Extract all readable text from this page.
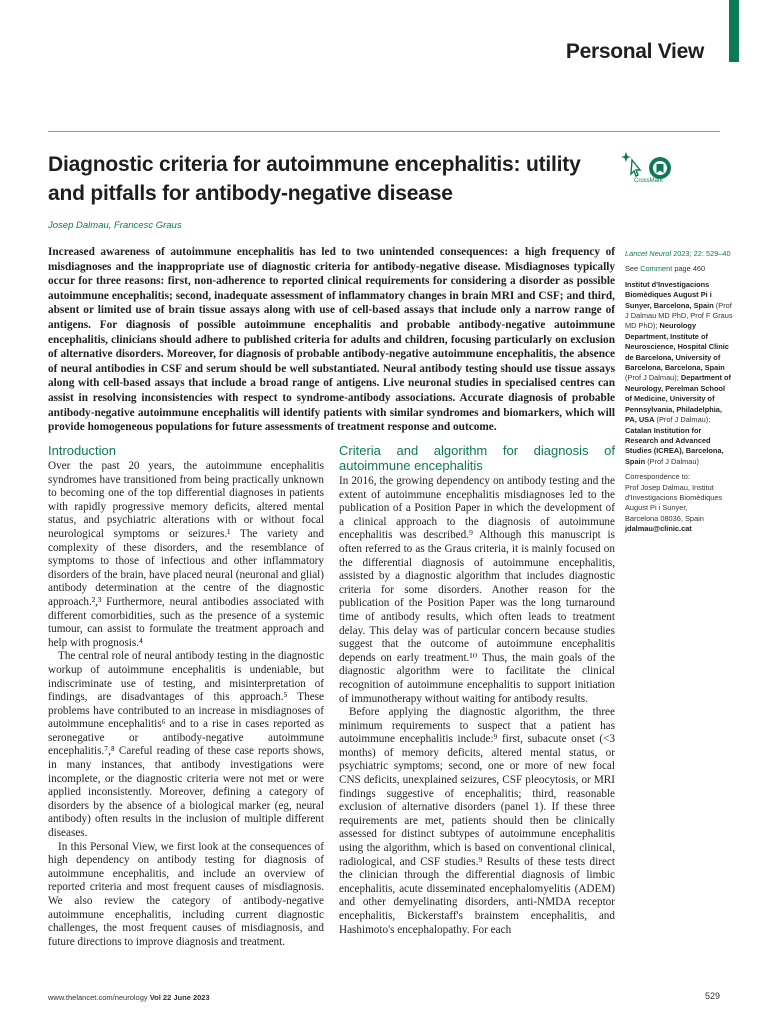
Personal View
Diagnostic criteria for autoimmune encephalitis: utility and pitfalls for antibody-negative disease
CrossMark
Josep Dalmau, Francesc Graus

Increased awareness of autoimmune encephalitis has led to two unintended consequences: a high frequency of misdiagnoses and the inappropriate use of diagnostic criteria for antibody-negative disease. Misdiagnoses typically occur for three reasons: first, non-adherence to reported clinical requirements for considering a disorder as possible autoimmune encephalitis; second, inadequate assessment of inflammatory changes in brain MRI and CSF; and third, absent or limited use of brain tissue assays along with use of cell-based assays that include only a narrow range of antigens. For diagnosis of possible autoimmune encephalitis and probable antibody-negative autoimmune encephalitis, clinicians should adhere to published criteria for adults and children, focusing particularly on exclusion of alternative disorders. Moreover, for diagnosis of probable antibody-negative autoimmune encephalitis, the absence of neural antibodies in CSF and serum should be well substantiated. Neural antibody testing should use tissue assays along with cell-based assays that include a broad range of antigens. Live neuronal studies in specialised centres can assist in resolving inconsistencies with respect to syndrome-antibody associations. Accurate diagnosis of probable antibody-negative autoimmune encephalitis will identify patients with similar syndromes and biomarkers, which will provide homogeneous populations for future assessments of treatment response and outcome.

Lancet Neurol 2023; 22: 529–40
See Comment page 460
Institut d'Investigacions Biomèdiques August Pi i Sunyer, Barcelona, Spain (Prof J Dalmau MD PhD, Prof F Graus MD PhD); Neurology Department, Institute of Neuroscience, Hospital Clinic de Barcelona, University of Barcelona, Barcelona, Spain (Prof J Dalmau); Department of Neurology, Perelman School of Medicine, University of Pennsylvania, Philadelphia, PA, USA (Prof J Dalmau); Catalan Institution for Research and Advanced Studies (ICREA), Barcelona, Spain (Prof J Dalmau)
Correspondence to:
Prof Josep Dalmau, Institut d'Investigacions Biomèdiques August Pi i Sunyer,
Barcelona 08036, Spain
jdalmau@clinic.cat
Introduction

Over the past 20 years, the autoimmune encephalitis syndromes have transitioned from being practically unknown to becoming one of the top differential diagnoses in patients with rapidly progressive memory deficits, altered mental status, and psychiatric alterations with or without focal neurological symptoms or seizures.¹ The variety and complexity of these disorders, and the resemblance of symptoms to those of infectious and other inflammatory disorders of the brain, have placed neural (neuronal and glial) antibody determination at the centre of the diagnostic approach.²,³ Furthermore, neural antibodies associated with different comorbidities, such as the presence of a systemic tumour, can assist to formulate the treatment approach and help with prognosis.⁴

The central role of neural antibody testing in the diagnostic workup of autoimmune encephalitis is undeniable, but indiscriminate use of testing, and misinterpretation of findings, are disadvantages of this approach.⁵ These problems have contributed to an increase in misdiagnoses of autoimmune encephalitis⁶ and to a rise in cases reported as seronegative or antibody-negative autoimmune encephalitis.⁷,⁸ Careful reading of these case reports shows, in many instances, that antibody investigations were incomplete, or the diagnostic criteria were not met or were applied inconsistently. Moreover, defining a category of disorders by the absence of a biological marker (eg, neural antibody) often results in the inclusion of multiple different diseases.

In this Personal View, we first look at the consequences of high dependency on antibody testing for diagnosis of autoimmune encephalitis, and include an overview of reported criteria and most frequent causes of misdiagnosis. We also review the category of antibody-negative autoimmune encephalitis, including current diagnostic challenges, the most frequent causes of misdiagnosis, and future directions to improve diagnosis and treatment.

Criteria and algorithm for diagnosis of autoimmune encephalitis

In 2016, the growing dependency on antibody testing and the extent of autoimmune encephalitis misdiagnoses led to the publication of a Position Paper in which the development of a clinical approach to the diagnosis of autoimmune encephalitis was described.⁹ Although this manuscript is often referred to as the Graus criteria, it is mainly focused on the differential diagnosis of autoimmune encephalitis, assisted by a diagnostic algorithm that includes diagnostic criteria for some disorders. Another reason for the publication of the Position Paper was the long turnaround time of antibody results, which often leads to treatment delay. This delay was of particular concern because studies suggest that the outcome of autoimmune encephalitis depends on early treatment.¹⁰ Thus, the main goals of the diagnostic algorithm were to facilitate the clinical recognition of autoimmune encephalitis to support initiation of immunotherapy without waiting for antibody results.

Before applying the diagnostic algorithm, the three minimum requirements to suspect that a patient has autoimmune encephalitis include:⁹ first, subacute onset (<3 months) of memory deficits, altered mental status, or psychiatric symptoms; second, one or more of new focal CNS deficits, unexplained seizures, CSF pleocytosis, or MRI findings suggestive of encephalitis; third, reasonable exclusion of alternative disorders (panel 1). If these three requirements are met, patients should then be clinically assessed for distinct subtypes of autoimmune encephalitis using the algorithm, which is based on conventional clinical, radiological, and CSF studies.⁹ Results of these tests direct the clinician through the differential diagnosis of limbic encephalitis, acute disseminated encephalomyelitis (ADEM) and other demyelinating disorders, anti-NMDA receptor encephalitis, Bickerstaff's brainstem encephalitis, and Hashimoto's encephalopathy. For each

www.thelancet.com/neurology Vol 22 June 2023	529
